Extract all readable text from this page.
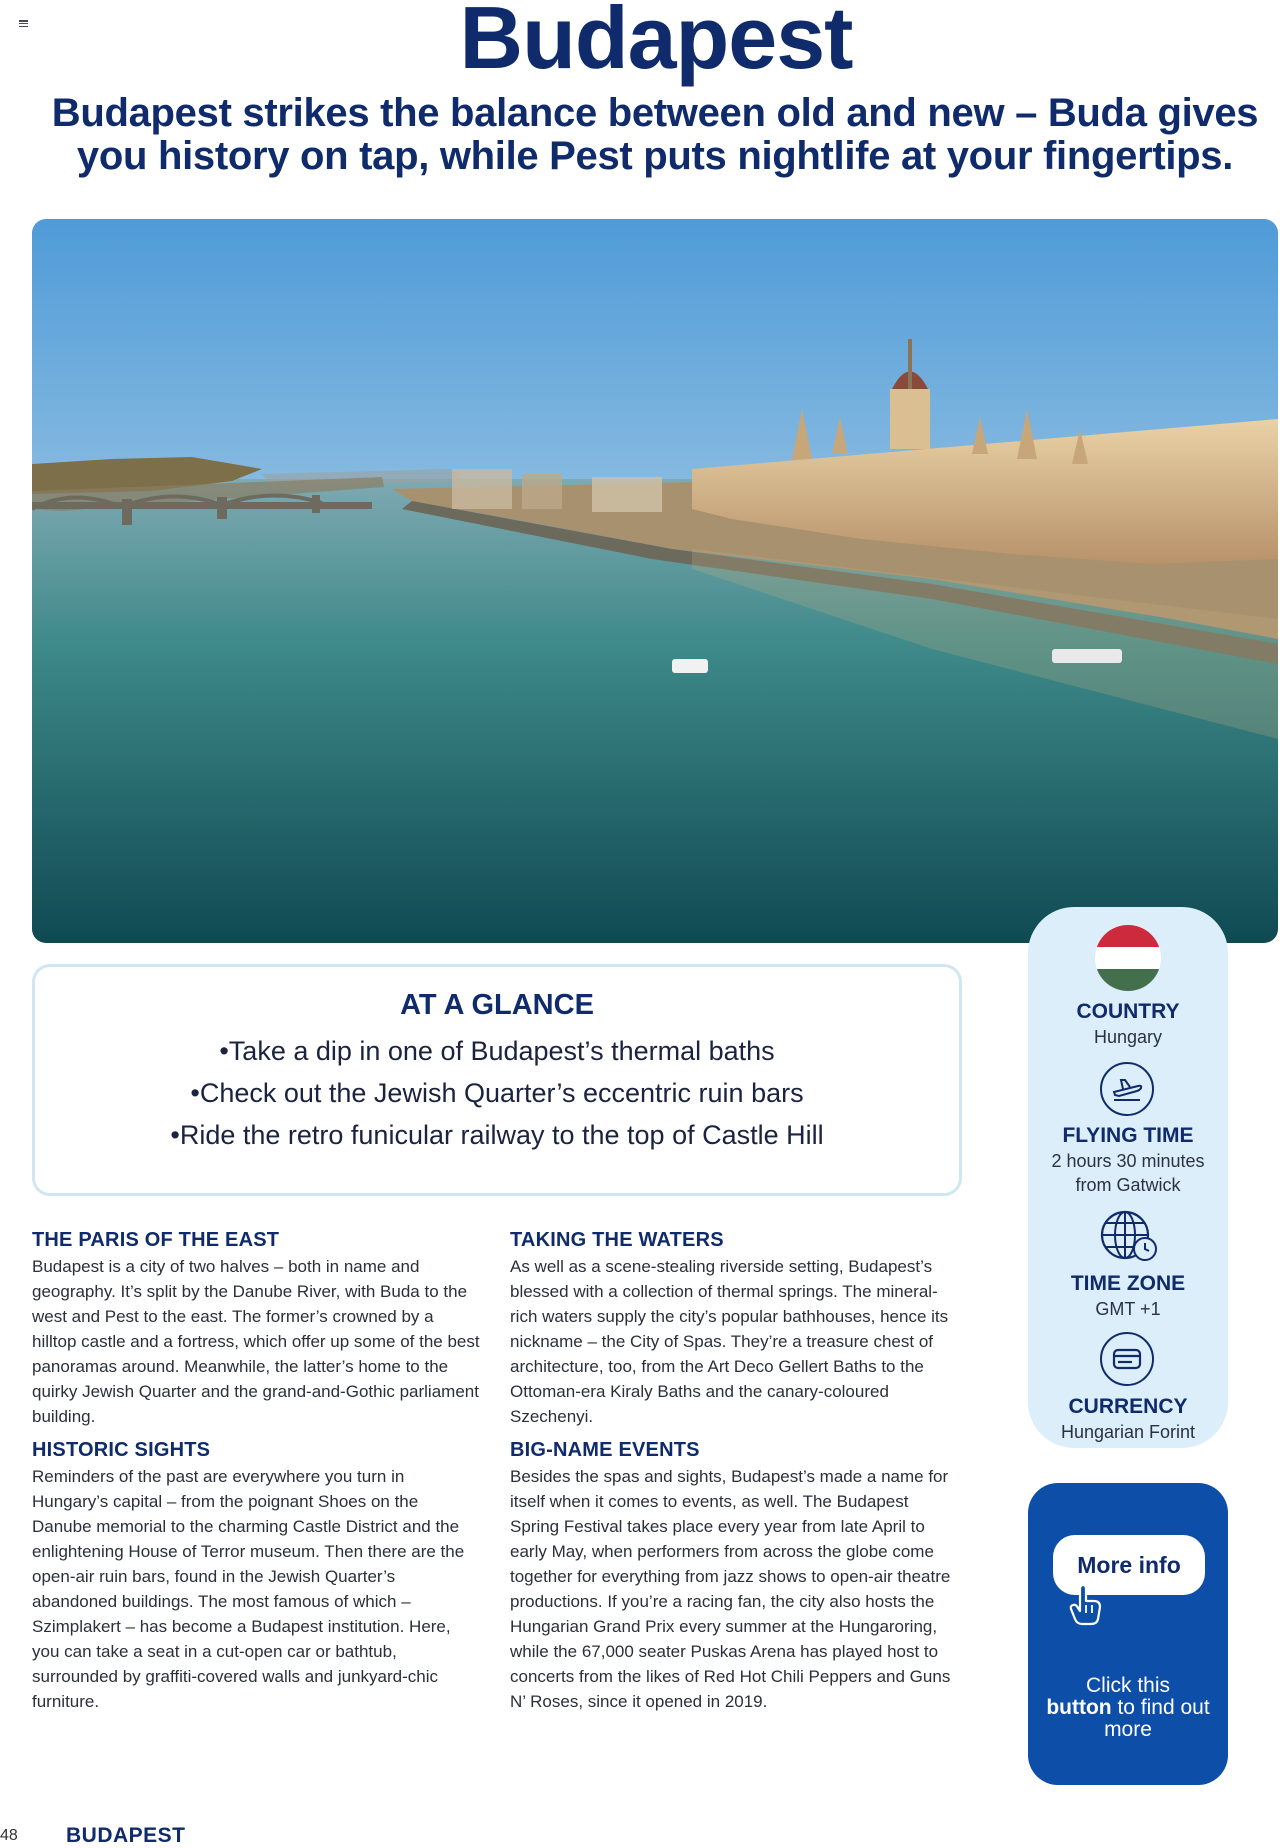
Budapest

Budapest strikes the balance between old and new – Buda gives you history on tap, while Pest puts nightlife at your fingertips.

AT A GLANCE
• Take a dip in one of Budapest’s thermal baths
• Check out the Jewish Quarter’s eccentric ruin bars
• Ride the retro funicular railway to the top of Castle Hill
COUNTRY
Hungary
FLYING TIME
2 hours 30 minutes
from Gatwick
TIME ZONE
GMT +1
CURRENCY
Hungarian Forint
More info
Click this
button to find out more
THE PARIS OF THE EAST

Budapest is a city of two halves – both in name and geography. It’s split by the Danube River, with Buda to the west and Pest to the east. The former’s crowned by a hilltop castle and a fortress, which offer up some of the best panoramas around. Meanwhile, the latter’s home to the quirky Jewish Quarter and the grand-and-Gothic parliament building.

HISTORIC SIGHTS

Reminders of the past are everywhere you turn in Hungary’s capital – from the poignant Shoes on the Danube memorial to the charming Castle District and the enlightening House of Terror museum. Then there are the open-air ruin bars, found in the Jewish Quarter’s abandoned buildings. The most famous of which – Szimplakert – has become a Budapest institution. Here, you can take a seat in a cut-open car or bathtub, surrounded by graffiti-covered walls and junkyard-chic furniture.

TAKING THE WATERS

As well as a scene-stealing riverside setting, Budapest’s blessed with a collection of thermal springs. The mineral-rich waters supply the city’s popular bathhouses, hence its nickname – the City of Spas. They’re a treasure chest of architecture, too, from the Art Deco Gellert Baths to the Ottoman-era Kiraly Baths and the canary-coloured Szechenyi.

BIG-NAME EVENTS

Besides the spas and sights, Budapest’s made a name for itself when it comes to events, as well. The Budapest Spring Festival takes place every year from late April to early May, when performers from across the globe come together for everything from jazz shows to open-air theatre productions. If you’re a racing fan, the city also hosts the Hungarian Grand Prix every summer at the Hungaroring, while the 67,000 seater Puskas Arena has played host to concerts from the likes of Red Hot Chili Peppers and Guns N’ Roses, since it opened in 2019.

48 BUDAPEST
